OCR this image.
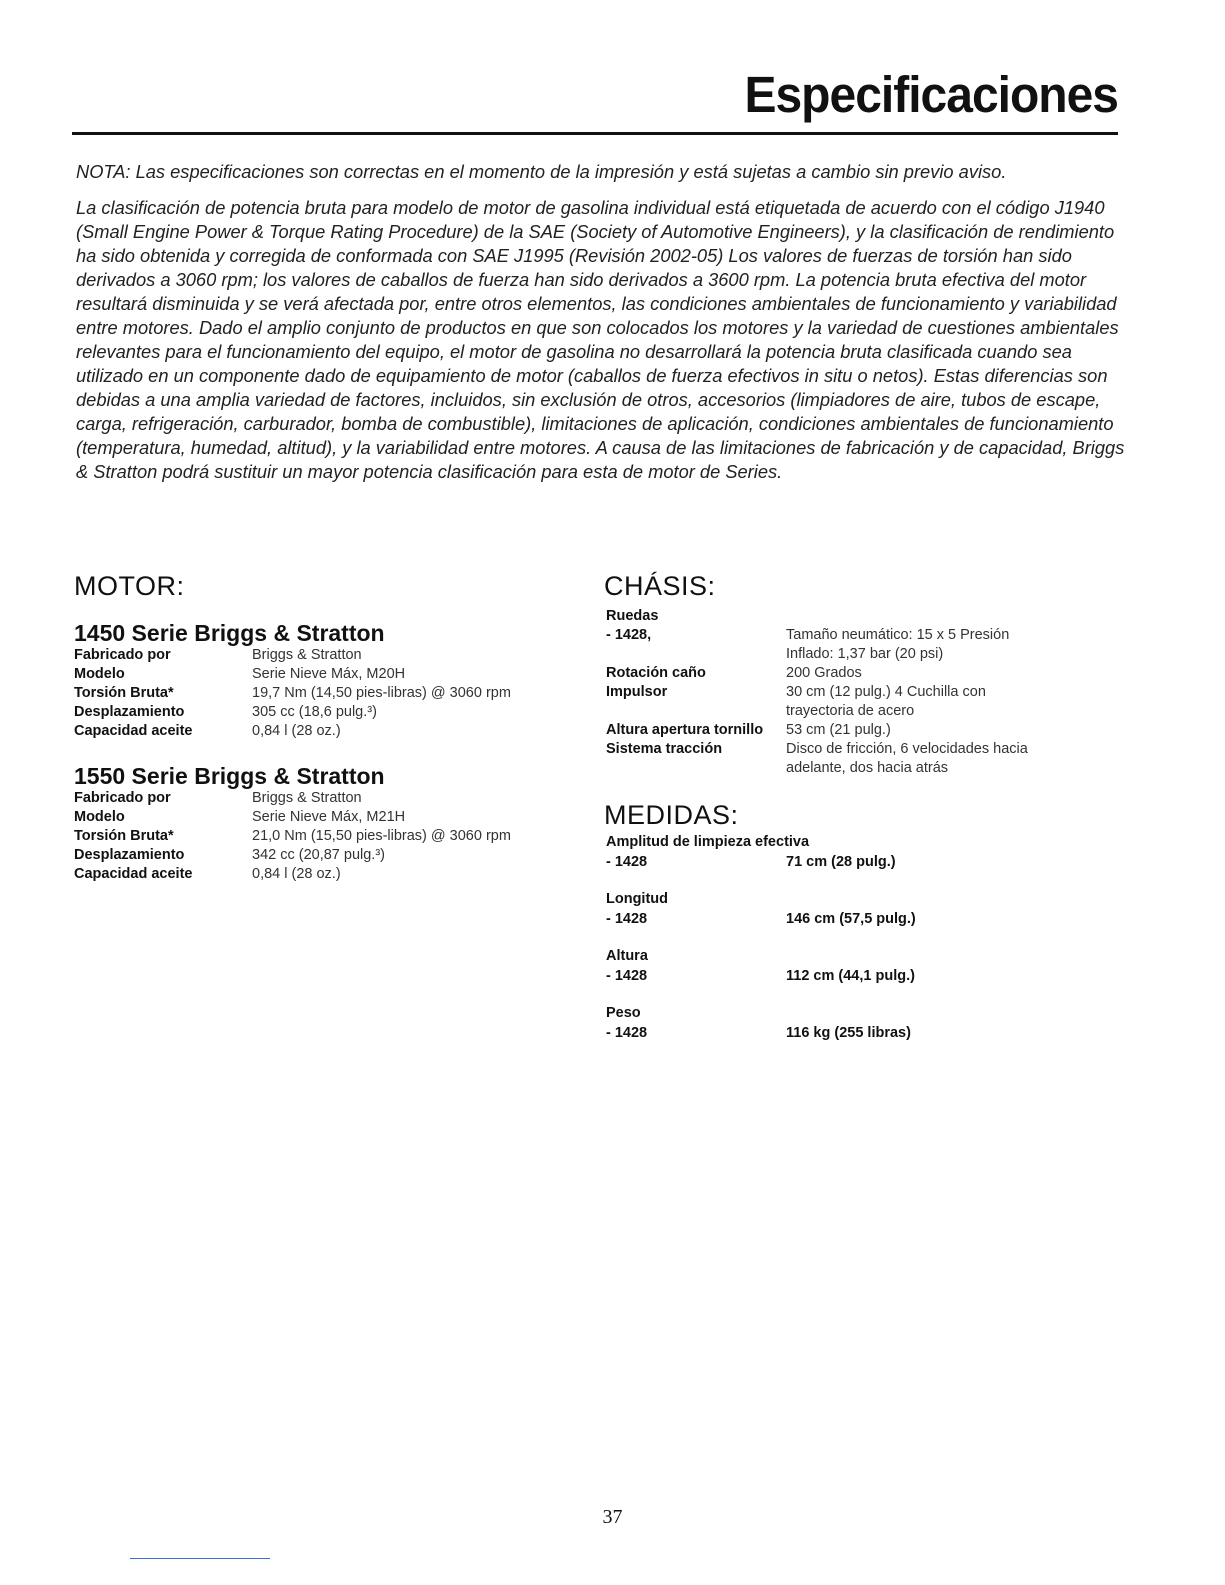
Especificaciones

NOTA: Las especificaciones son correctas en el momento de la impresión y está sujetas a cambio sin previo aviso.

La clasificación de potencia bruta para modelo de motor de gasolina individual está etiquetada de acuerdo con el código J1940 (Small Engine Power & Torque Rating Procedure) de la SAE (Society of Automotive Engineers), y la clasificación de rendimiento ha sido obtenida y corregida de conformada con SAE J1995 (Revisión 2002-05) Los valores de fuerzas de torsión han sido derivados a 3060 rpm; los valores de caballos de fuerza han sido derivados a 3600 rpm. La potencia bruta efectiva del motor resultará disminuida y se verá afectada por, entre otros elementos, las condiciones ambientales de funcionamiento y variabilidad entre motores. Dado el amplio conjunto de productos en que son colocados los motores y la variedad de cuestiones ambientales relevantes para el funcionamiento del equipo, el motor de gasolina no desarrollará la potencia bruta clasificada cuando sea utilizado en un componente dado de equipamiento de motor (caballos de fuerza efectivos in situ o netos). Estas diferencias son debidas a una amplia variedad de factores, incluidos, sin exclusión de otros, accesorios (limpiadores de aire, tubos de escape, carga, refrigeración, carburador, bomba de combustible), limitaciones de aplicación, condiciones ambientales de funcionamiento (temperatura, humedad, altitud), y la variabilidad entre motores. A causa de las limitaciones de fabricación y de capacidad, Briggs & Stratton podrá sustituir un mayor potencia clasificación para esta de motor de Series.

MOTOR:
1450 Serie Briggs & Stratton
Fabricado por	Briggs & Stratton
Modelo	Serie Nieve Máx, M20H
Torsión Bruta*	19,7 Nm (14,50 pies-libras) @ 3060 rpm
Desplazamiento	305 cc (18,6 pulg.³)
Capacidad aceite	0,84 l (28 oz.)
1550 Serie Briggs & Stratton
Fabricado por	Briggs & Stratton
Modelo	Serie Nieve Máx, M21H
Torsión Bruta*	21,0 Nm (15,50 pies-libras) @ 3060 rpm
Desplazamiento	342 cc (20,87 pulg.³)
Capacidad aceite	0,84 l (28 oz.)
CHÁSIS:
Ruedas
- 1428,	Tamaño neumático: 15 x 5 Presión Inflado: 1,37 bar (20 psi)
Rotación caño	200 Grados
Impulsor	30 cm (12 pulg.) 4 Cuchilla con trayectoria de acero
Altura apertura tornillo 53 cm (21 pulg.)
Sistema tracción	Disco de fricción, 6 velocidades hacia adelante, dos hacia atrás
MEDIDAS:
Amplitud de limpieza efectiva
- 1428	71 cm (28 pulg.)
Longitud
- 1428	146 cm (57,5 pulg.)
Altura
- 1428	112 cm (44,1 pulg.)
Peso
- 1428	116 kg (255 libras)
37
